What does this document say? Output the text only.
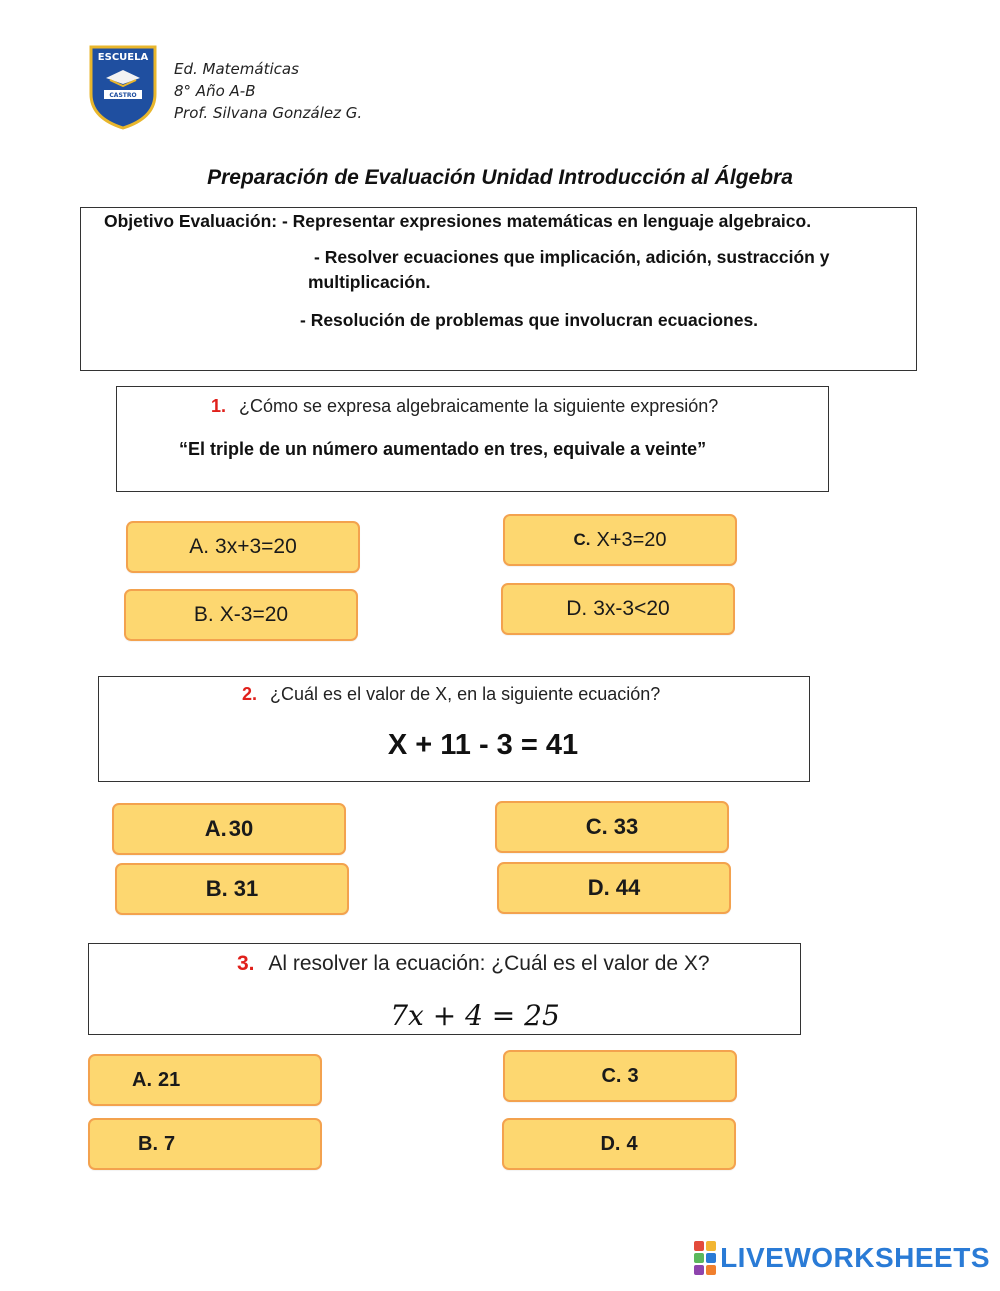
ESCUELA
CASTRO
Ed. Matemáticas
8° Año A-B
Prof. Silvana González G.
Preparación de Evaluación Unidad Introducción al Álgebra
Objetivo Evaluación: - Representar expresiones matemáticas en lenguaje algebraico.
- Resolver ecuaciones que implicación, adición, sustracción y
multiplicación.
- Resolución de problemas que involucran ecuaciones.
1. ¿Cómo se expresa algebraicamente la siguiente expresión?
“El triple de un número aumentado en tres, equivale a veinte”
A. 3x+3=20
B. X-3=20
C. X+3=20
D. 3x-3<20
2. ¿Cuál es el valor de X, en la siguiente ecuación?
X + 11 - 3 = 41
A. 30
B. 31
C. 33
D. 44
3. Al resolver la ecuación: ¿Cuál es el valor de X?
7x + 4 = 25
A. 21
B. 7
C. 3
D. 4
LIVEWORKSHEETS
